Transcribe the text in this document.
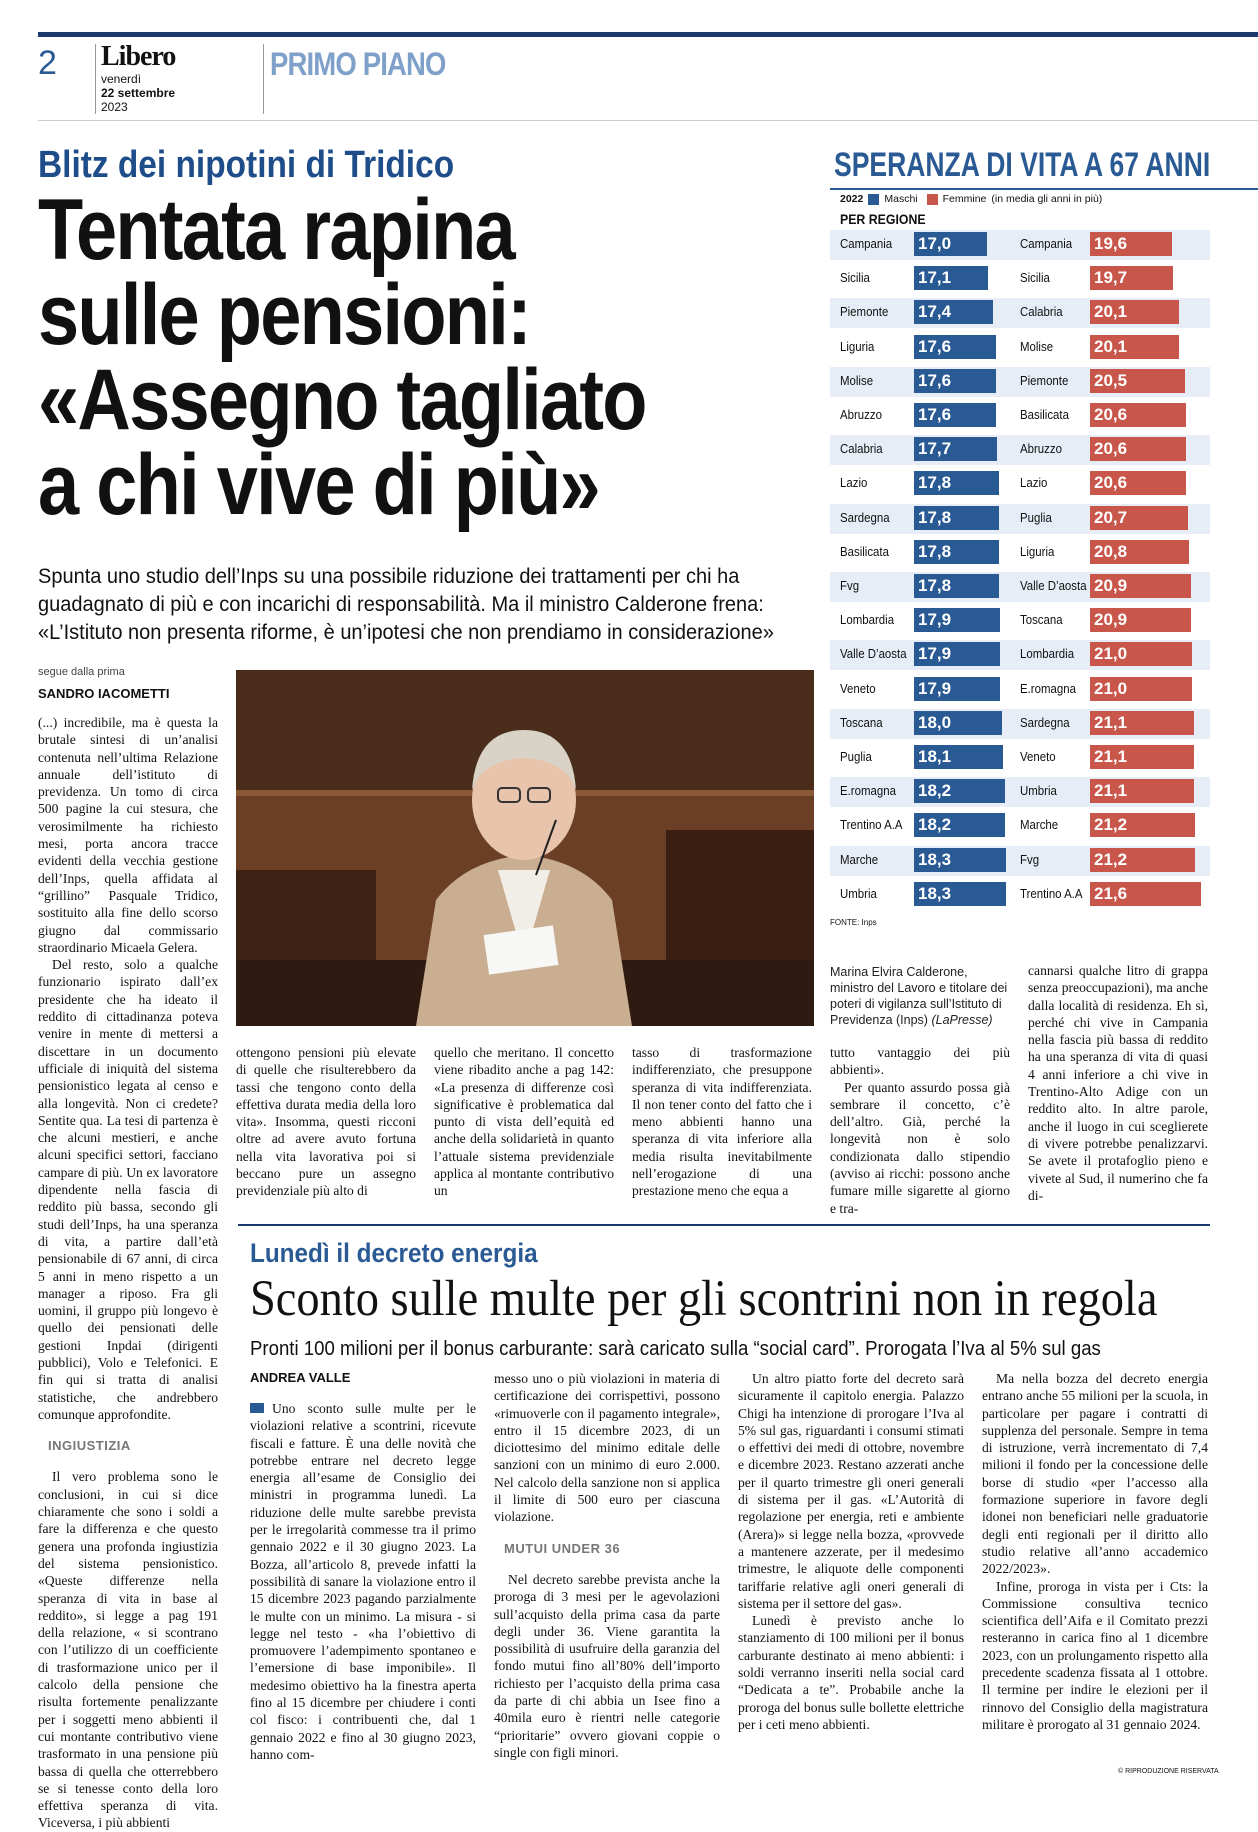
2 Libero
venerdì
22 settembre
2023
PRIMO PIANO
Blitz dei nipotini di Tridico
Tentata rapina
sulle pensioni:
«Assegno tagliato
a chi vive di più»
Spunta uno studio dell’Inps su una possibile riduzione dei trattamenti per chi ha
guadagnato di più e con incarichi di responsabilità. Ma il ministro Calderone frena:
«L’Istituto non presenta riforme, è un’ipotesi che non prendiamo in considerazione»
segue dalla prima
SANDRO IACOMETTI

(...) incredibile, ma è questa la brutale sintesi di un’analisi contenuta nell’ultima Relazione annuale dell’istituto di previdenza. Un tomo di circa 500 pagine la cui stesura, che verosimilmente ha richiesto mesi, porta ancora tracce evidenti della vecchia gestione dell’Inps, quella affidata al “grillino” Pasquale Tridico, sostituito alla fine dello scorso giugno dal commissario straordinario Micaela Gelera.

Del resto, solo a qualche funzionario ispirato dall’ex presidente che ha ideato il reddito di cittadinanza poteva venire in mente di mettersi a discettare in un documento ufficiale di iniquità del sistema pensionistico legata al censo e alla longevità. Non ci credete? Sentite qua. La tesi di partenza è che alcuni mestieri, e anche alcuni specifici settori, facciano campare di più. Un ex lavoratore dipendente nella fascia di reddito più bassa, secondo gli studi dell’Inps, ha una speranza di vita, a partire dall’età pensionabile di 67 anni, di circa 5 anni in meno rispetto a un manager a riposo. Fra gli uomini, il gruppo più longevo è quello dei pensionati delle gestioni Inpdai (dirigenti pubblici), Volo e Telefonici. E fin qui si tratta di analisi statistiche, che andrebbero comunque approfondite.

INGIUSTIZIA

Il vero problema sono le conclusioni, in cui si dice chiaramente che sono i soldi a fare la differenza e che questo genera una profonda ingiustizia del sistema pensionistico. «Queste differenze nella speranza di vita in base al reddito», si legge a pag 191 della relazione, « si scontrano con l’utilizzo di un coefficiente di trasformazione unico per il calcolo della pensione che risulta fortemente penalizzante per i soggetti meno abbienti il cui montante contributivo viene trasformato in una pensione più bassa di quella che otterrebbero se si tenesse conto della loro effettiva speranza di vita. Viceversa, i più abbienti

ottengono pensioni più elevate di quelle che risulterebbero da tassi che tengono conto della effettiva durata media della loro vita». Insomma, questi ricconi oltre ad avere avuto fortuna nella vita lavorativa poi si beccano pure un assegno previdenziale più alto di

quello che meritano. Il concetto viene ribadito anche a pag 142: «La presenza di differenze così significative è problematica dal punto di vista dell’equità ed anche della solidarietà in quanto l’attuale sistema previdenziale applica al montante contributivo un

tasso di trasformazione indifferenziato, che presuppone speranza di vita indifferenziata. Il non tener conto del fatto che i meno abbienti hanno una speranza di vita inferiore alla media risulta inevitabilmente nell’erogazione di una prestazione meno che equa a

Marina Elvira Calderone, ministro del Lavoro e titolare dei poteri di vigilanza sull’Istituto di Previdenza (Inps) (LaPresse)

tutto vantaggio dei più abbienti».

Per quanto assurdo possa già sembrare il concetto, c’è dell’altro. Già, perché la longevità non è solo condizionata dallo stipendio (avviso ai ricchi: possono anche fumare mille sigarette al giorno e tra-

cannarsi qualche litro di grappa senza preoccupazioni), ma anche dalla località di residenza. Eh sì, perché chi vive in Campania nella fascia più bassa di reddito ha una speranza di vita di quasi 4 anni inferiore a chi vive in Trentino-Alto Adige con un reddito alto. In altre parole, anche il luogo in cui sceglierete di vivere potrebbe penalizzarvi. Se avete il protafoglio pieno e vivete al Sud, il numerino che fa di-

SPERANZA DI VITA A 67 ANNI
2022 Maschi Femmine (in media gli anni in più)
PER REGIONE
Campania 17,0	Campania 19,6
Sicilia	17,1	Sicilia	19,7
Piemonte 17,4	Calabria 20,1
Liguria	17,6	Molise 20,1
Molise	17,6	Piemonte 20,5
Abruzzo 17,6	Basilicata 20,6
Calabria 17,7	Abruzzo 20,6
Lazio	17,8	Lazio	20,6
Sardegna 17,8	Puglia 20,7
Basilicata 17,8	Liguria 20,8
Fvg	17,8	Valle D’aosta 20,9
Lombardia 17,9	Toscana 20,9
Valle D’aosta 17,9	Lombardia 21,0
Veneto 17,9	E.romagna 21,0
Toscana 18,0	Sardegna 21,1
Puglia	18,1	Veneto 21,1
E.romagna 18,2	Umbria 21,1
Trentino A.A 18,2	Marche 21,2
Marche 18,3	Fvg	21,2
Umbria 18,3	Trentino A.A 21,6
FONTE: Inps
Lunedì il decreto energia
Sconto sulle multe per gli scontrini non in regola
Pronti 100 milioni per il bonus carburante: sarà caricato sulla “social card”. Prorogata l’Iva al 5% sul gas
ANDREA VALLE

Uno sconto sulle multe per le violazioni relative a scontrini, ricevute fiscali e fatture. È una delle novità che potrebbe entrare nel decreto legge energia all’esame de Consiglio dei ministri in programma lunedì. La riduzione delle multe sarebbe prevista per le irregolarità commesse tra il primo gennaio 2022 e il 30 giugno 2023. La Bozza, all’articolo 8, prevede infatti la possibilità di sanare la violazione entro il 15 dicembre 2023 pagando parzialmente le multe con un minimo. La misura - si legge nel testo - «ha l’obiettivo di promuovere l’adempimento spontaneo e l’emersione di base imponibile». Il medesimo obiettivo ha la finestra aperta fino al 15 dicembre per chiudere i conti col fisco: i contribuenti che, dal 1 gennaio 2022 e fino al 30 giugno 2023, hanno com-

messo uno o più violazioni in materia di certificazione dei corrispettivi, possono «rimuoverle con il pagamento integrale», entro il 15 dicembre 2023, di un diciottesimo del minimo editale delle sanzioni con un minimo di euro 2.000. Nel calcolo della sanzione non si applica il limite di 500 euro per ciascuna violazione.

MUTUI UNDER 36

Nel decreto sarebbe prevista anche la proroga di 3 mesi per le agevolazioni sull’acquisto della prima casa da parte degli under 36. Viene garantita la possibilità di usufruire della garanzia del fondo mutui fino all’80% dell’importo richiesto per l’acquisto della prima casa da parte di chi abbia un Isee fino a 40mila euro è rientri nelle categorie “prioritarie” ovvero giovani coppie o single con figli minori.

Un altro piatto forte del decreto sarà sicuramente il capitolo energia. Palazzo Chigi ha intenzione di prorogare l’Iva al 5% sul gas, riguardanti i consumi stimati o effettivi dei medi di ottobre, novembre e dicembre 2023. Restano azzerati anche per il quarto trimestre gli oneri generali di sistema per il gas. «L’Autorità di regolazione per energia, reti e ambiente (Arera)» si legge nella bozza, «provvede a mantenere azzerate, per il medesimo trimestre, le aliquote delle componenti tariffarie relative agli oneri generali di sistema per il settore del gas».

Lunedì è previsto anche lo stanziamento di 100 milioni per il bonus carburante destinato ai meno abbienti: i soldi verranno inseriti nella social card “Dedicata a te”. Probabile anche la proroga del bonus sulle bollette elettriche per i ceti meno abbienti.

Ma nella bozza del decreto energia entrano anche 55 milioni per la scuola, in particolare per pagare i contratti di supplenza del personale. Sempre in tema di istruzione, verrà incrementato di 7,4 milioni il fondo per la concessione delle borse di studio «per l’accesso alla formazione superiore in favore degli idonei non beneficiari nelle graduatorie degli enti regionali per il diritto allo studio relative all’anno accademico 2022/2023».

Infine, proroga in vista per i Cts: la Commissione consultiva tecnico scientifica dell’Aifa e il Comitato prezzi resteranno in carica fino al 1 dicembre 2023, con un prolungamento rispetto alla precedente scadenza fissata al 1 ottobre. Il termine per indire le elezioni per il rinnovo del Consiglio della magistratura militare è prorogato al 31 gennaio 2024.

© RIPRODUZIONE RISERVATA
